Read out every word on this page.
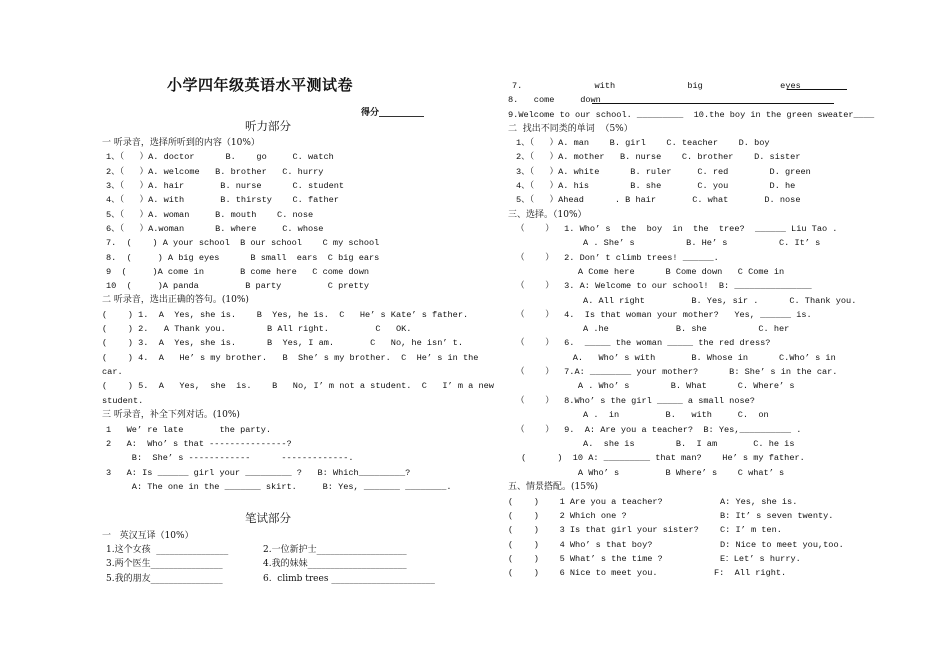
小学四年级英语水平测试卷
得分__________
听力部分
一 听录音，选择所听到的内容（10%）
1、（   ）A. doctor      B.    go     C. watch
2、（   ）A. welcome   B. brother   C. hurry
3、（   ）A. hair       B. nurse      C. student
4、（   ）A. with       B. thirsty    C. father
5、（   ）A. woman     B. mouth    C. nose
6、（   ）A.woman      B. where     C. whose
7.  (    ) A your school  B our school    C my school
8.  (     ) A big eyes      B small  ears  C big ears
9  (     )A come in       B come here   C come down
10  (     )A panda         B party         C pretty
二 听录音，选出正确的答句。(10%)
(    ) 1.  A  Yes, she is.    B  Yes, he is.  C   He’ s Kate’ s father.
(    ) 2.   A Thank you.        B All right.         C   OK.
(    ) 3.  A  Yes, she is.      B  Yes, I am.       C   No, he isn’ t.
(    ) 4.  A   He’ s my brother.   B  She’ s my brother.  C  He’ s in the
car.
(    ) 5.  A   Yes,  she  is.    B   No, I’ m not a student.  C   I’ m a new
student.
三 听录音，补全下列对话。(10%)
1   We’ re late       the party.
2   A:  Who’ s that ---------------?
B:  She’ s ------------      -------------.
3   A: Is ______ girl your _________ ?   B: Which_________?
A: The one in the _______ skirt.     B: Yes, _______ ________.
笔试部分
一   英汉互译（10%）
1.这个女孩  ________________	2.一位新护士____________________
3.两个医生________________	4.我的妹妹______________________
5.我的朋友________________	6.  climb trees _______________________
7.              with              big               eyes
8.   come     down
9.Welcome to our school. _________  10.the boy in the green sweater____
二  找出不同类的单词  （5%）
1、（   ）A. man    B. girl    C. teacher    D. boy
2、（   ）A. mother   B. nurse    C. brother    D. sister
3、（   ）A. white      B. ruler     C. red        D. green
4、（   ）A. his        B. she       C. you        D. he
5、（   ）Ahead      . B hair       C. what       D. nose
三、选择。（10%）
（    ）  1. Who’ s  the  boy  in  the  tree?  ______ Liu Tao .
A . She’ s          B. He’ s          C. It’ s
（    ）  2. Don’ t climb trees! ______.
A Come here      B Come down   C Come in
（    ）  3. A: Welcome to our school!  B: _______________
A. All right         B. Yes, sir .      C. Thank you.
（    ）  4.  Is that woman your mother?   Yes, ______ is.
A .he             B. she          C. her
（    ）  6.  _____ the woman _____ the red dress?
A.   Who’ s with       B. Whose in      C.Who’ s in
（    ）  7.A: ________ your mother?      B: She’ s in the car.
A . Who’ s        B. What      C. Where’ s
（    ）  8.Who’ s the girl _____ a small nose?
A .  in         B.   with     C.  on
（    ）  9.  A: Are you a teacher?  B: Yes,__________ .
A.  she is        B.  I am       C. he is
(      )  10 A: _________ that man?    He’ s my father.
A Who’ s         B Where’ s    C what’ s
五、情景搭配。(15%)
(    )    1 Are you a teacher?	A: Yes, she is.
(    )    2 Which one ?	B: It’ s seven twenty.
(    )    3 Is that girl your sister? C: I’ m ten.
(    )    4 Who’ s that boy?	D: Nice to meet you,too.
(    )    5 What’ s the time ?	E：Let’ s hurry.
(    )    6 Nice to meet you.	F:  All right.
